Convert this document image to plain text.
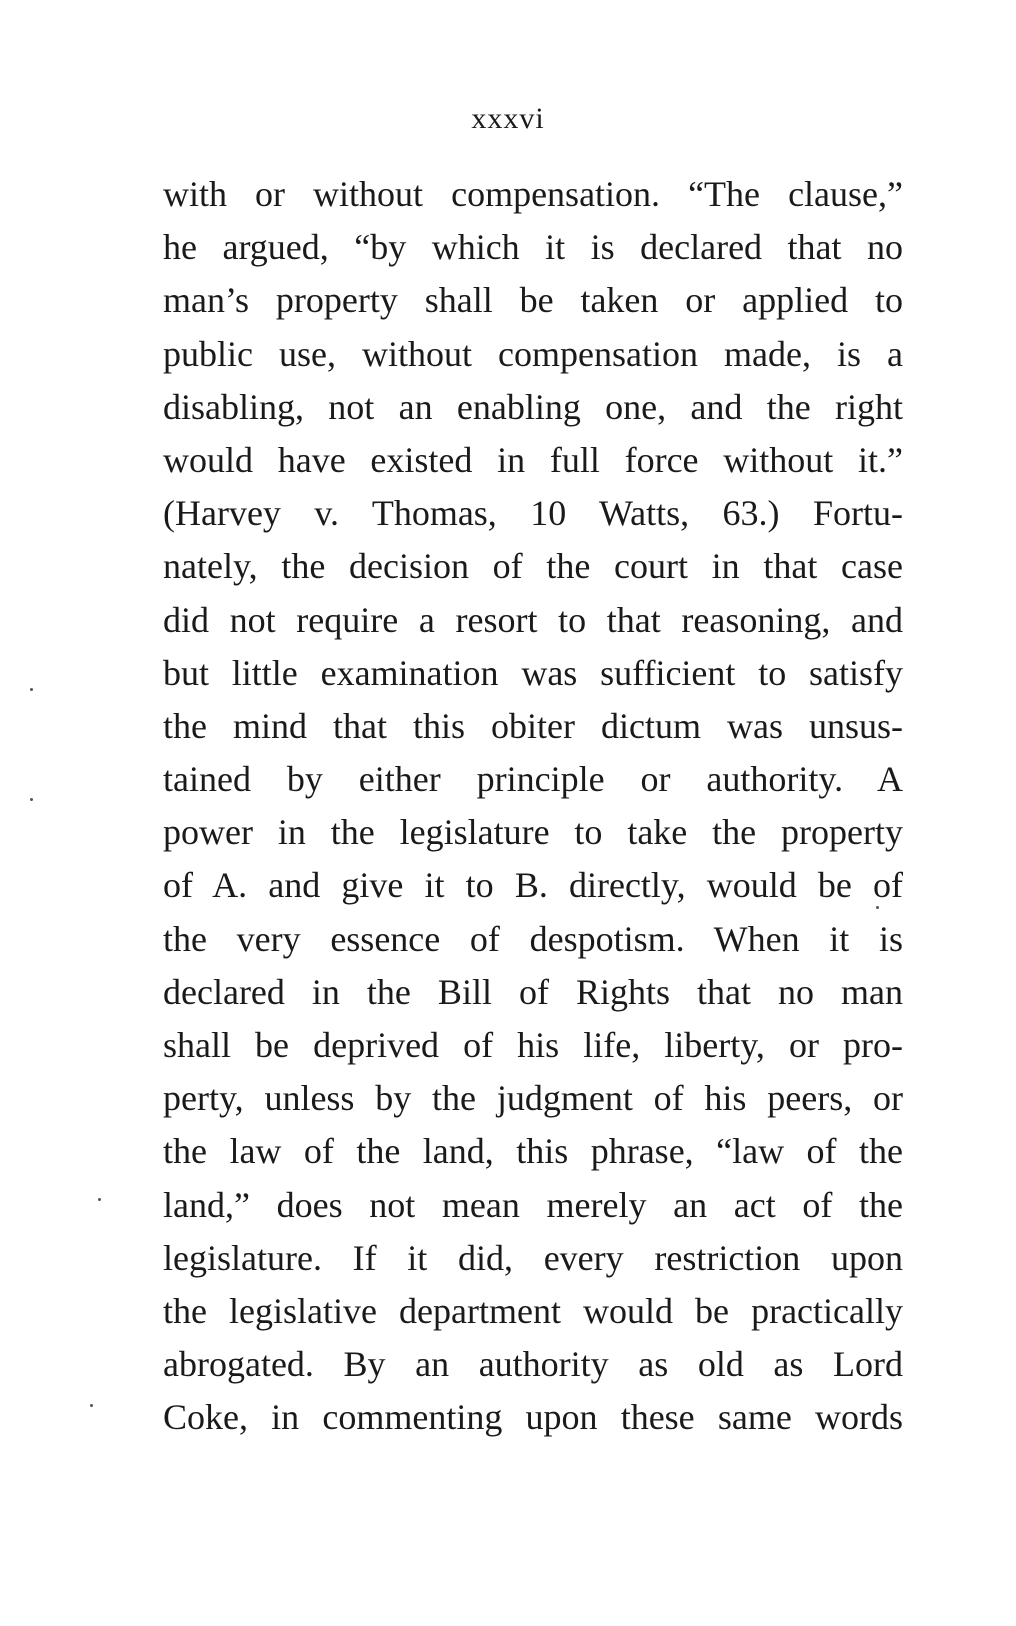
xxxvi
with or without compensation. “The clause,”
he argued, “by which it is declared that no
man’s property shall be taken or applied to
public use, without compensation made, is a
disabling, not an enabling one, and the right
would have existed in full force without it.”
(Harvey v. Thomas, 10 Watts, 63.) Fortu-
nately, the decision of the court in that case
did not require a resort to that reasoning, and
but little examination was sufficient to satisfy
the mind that this obiter dictum was unsus-
tained by either principle or authority. A
power in the legislature to take the property
of A. and give it to B. directly, would be of
the very essence of despotism. When it is
declared in the Bill of Rights that no man
shall be deprived of his life, liberty, or pro-
perty, unless by the judgment of his peers, or
the law of the land, this phrase, “law of the
land,” does not mean merely an act of the
legislature. If it did, every restriction upon
the legislative department would be practically
abrogated. By an authority as old as Lord
Coke, in commenting upon these same words
